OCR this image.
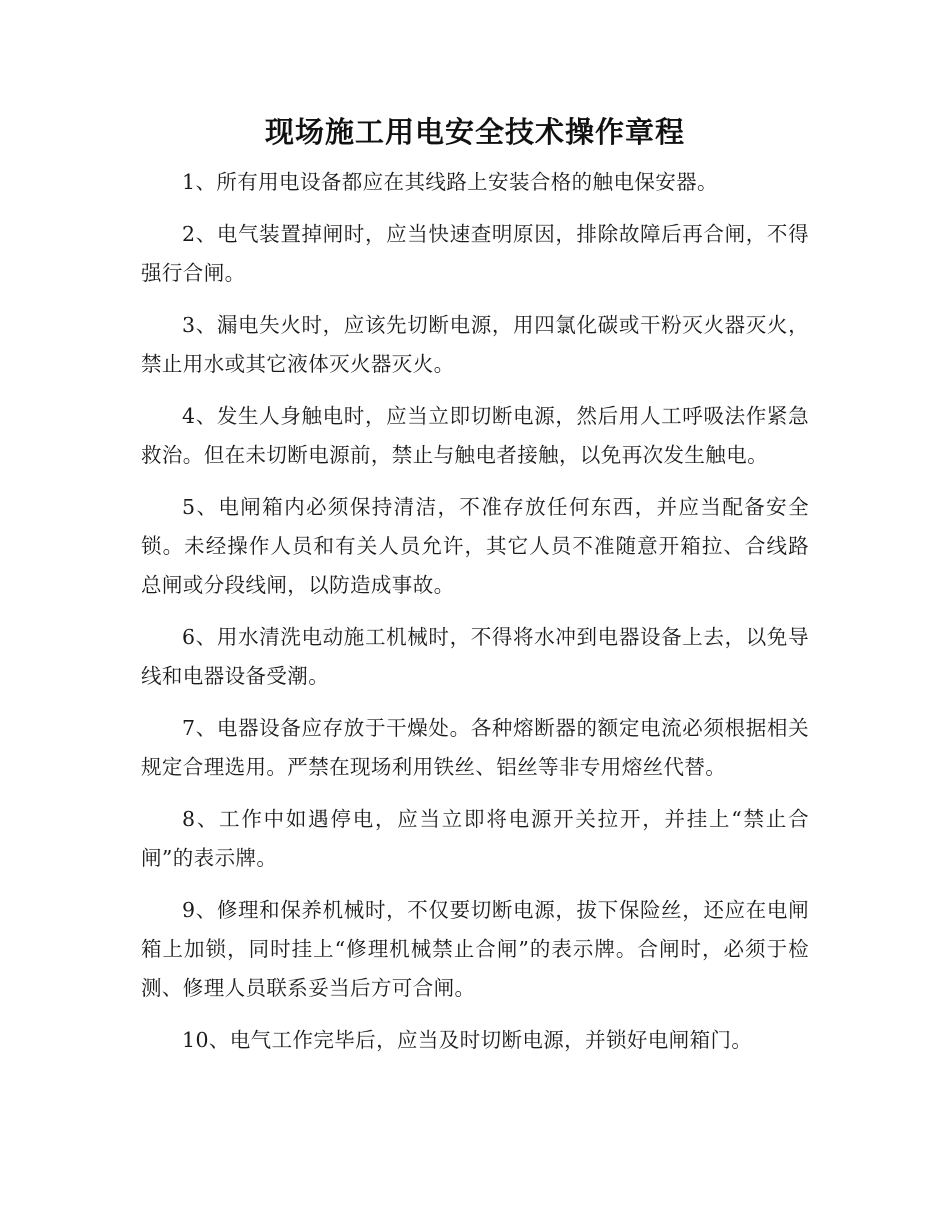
现场施工用电安全技术操作章程

1、所有用电设备都应在其线路上安装合格的触电保安器。

2、电气装置掉闸时，应当快速查明原因，排除故障后再合闸，不得强行合闸。

3、漏电失火时，应该先切断电源，用四氯化碳或干粉灭火器灭火，禁止用水或其它液体灭火器灭火。

4、发生人身触电时，应当立即切断电源，然后用人工呼吸法作紧急救治。但在未切断电源前，禁止与触电者接触，以免再次发生触电。

5、电闸箱内必须保持清洁，不准存放任何东西，并应当配备安全锁。未经操作人员和有关人员允许，其它人员不准随意开箱拉、合线路总闸或分段线闸，以防造成事故。

6、用水清洗电动施工机械时，不得将水冲到电器设备上去，以免导线和电器设备受潮。

7、电器设备应存放于干燥处。各种熔断器的额定电流必须根据相关规定合理选用。严禁在现场利用铁丝、铝丝等非专用熔丝代替。

8、工作中如遇停电，应当立即将电源开关拉开，并挂上“禁止合闸”的表示牌。

9、修理和保养机械时，不仅要切断电源，拔下保险丝，还应在电闸箱上加锁，同时挂上“修理机械禁止合闸”的表示牌。合闸时，必须于检测、修理人员联系妥当后方可合闸。

10、电气工作完毕后，应当及时切断电源，并锁好电闸箱门。
